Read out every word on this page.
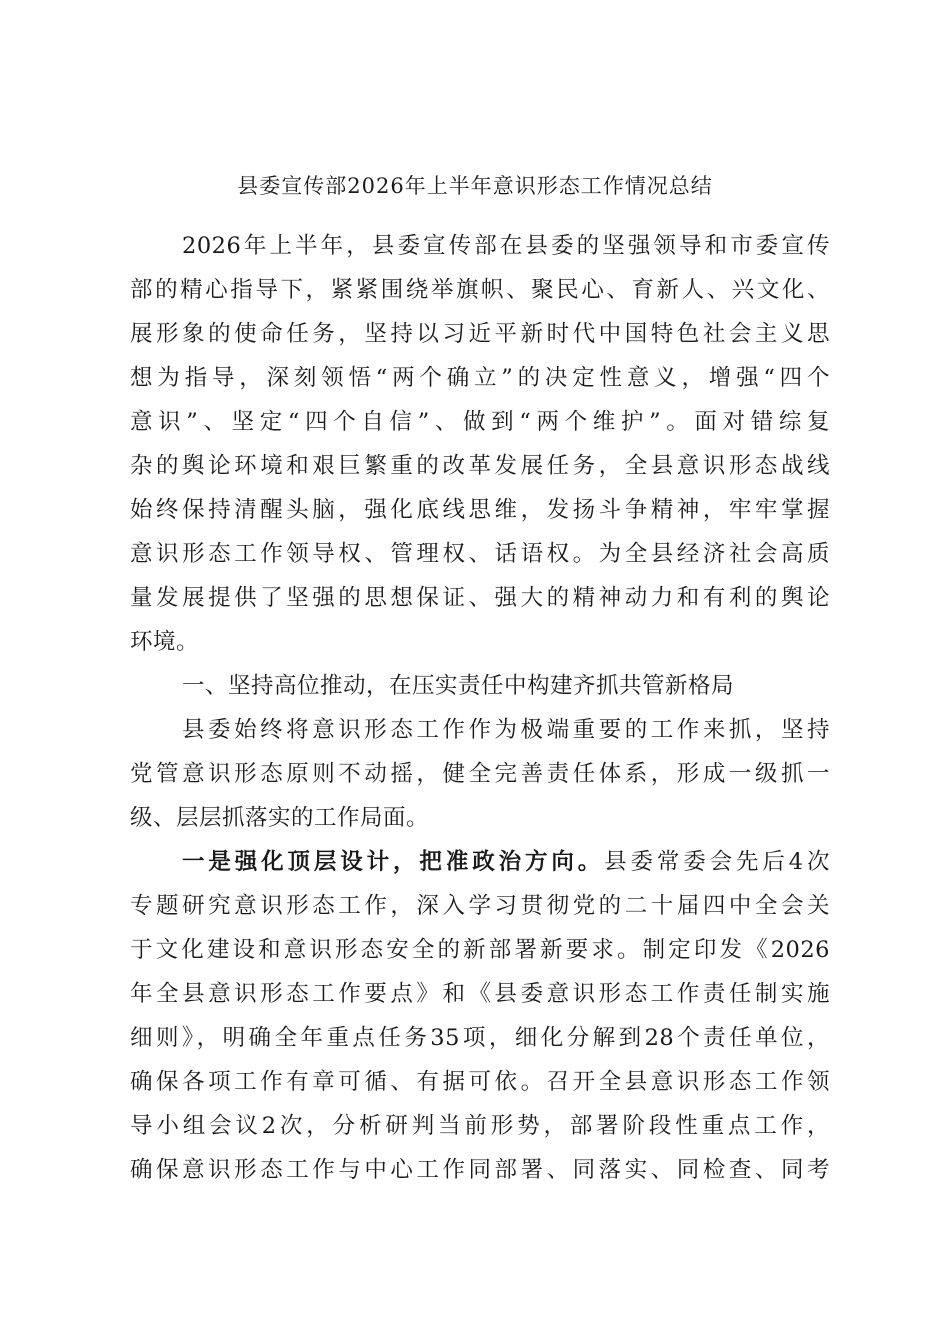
县委宣传部2026年上半年意识形态工作情况总结
2026年上半年，县委宣传部在县委的坚强领导和市委宣传
部的精心指导下，紧紧围绕举旗帜、聚民心、育新人、兴文化、
展形象的使命任务，坚持以习近平新时代中国特色社会主义思
想为指导，深刻领悟“两个确立”的决定性意义，增强“四个
意识”、坚定“四个自信”、做到“两个维护”。面对错综复
杂的舆论环境和艰巨繁重的改革发展任务，全县意识形态战线
始终保持清醒头脑，强化底线思维，发扬斗争精神，牢牢掌握
意识形态工作领导权、管理权、话语权。为全县经济社会高质
量发展提供了坚强的思想保证、强大的精神动力和有利的舆论
环境。
一、坚持高位推动，在压实责任中构建齐抓共管新格局
县委始终将意识形态工作作为极端重要的工作来抓，坚持
党管意识形态原则不动摇，健全完善责任体系，形成一级抓一
级、层层抓落实的工作局面。
一是强化顶层设计，把准政治方向。县委常委会先后4次
专题研究意识形态工作，深入学习贯彻党的二十届四中全会关
于文化建设和意识形态安全的新部署新要求。制定印发《2026
年全县意识形态工作要点》和《县委意识形态工作责任制实施
细则》，明确全年重点任务35项，细化分解到28个责任单位，
确保各项工作有章可循、有据可依。召开全县意识形态工作领
导小组会议2次，分析研判当前形势，部署阶段性重点工作，
确保意识形态工作与中心工作同部署、同落实、同检查、同考
